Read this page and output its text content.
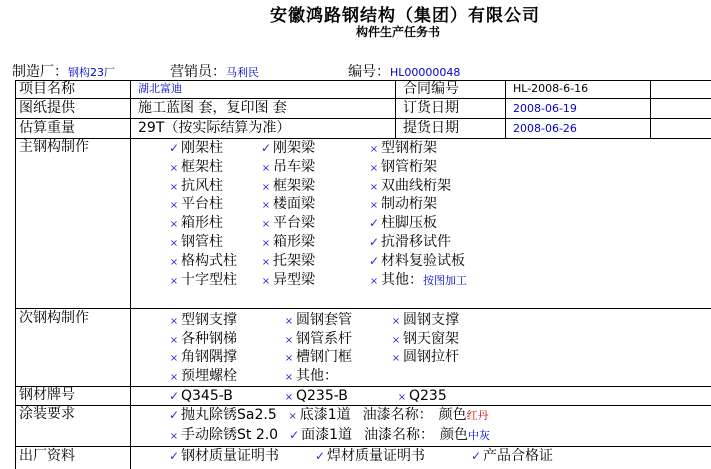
安徽鸿路钢结构（集团）有限公司
构件生产任务书
制造厂：钢构23厂	营销员：马利民	编号：HL00000048
项目名称	湖北富迪	合同编号	HL-2008-6-16
图纸提供	施工蓝图 套，复印图 套	订货日期	2008-06-19
估算重量	29T（按实际结算为准）	提货日期	2008-06-26
主钢构制作	✓ 刚架柱	✓ 刚架梁	× 型钢桁架
× 框架柱	× 吊车梁	× 钢管桁架
× 抗风柱	× 框架梁	× 双曲线桁架
× 平台柱	× 楼面梁	× 制动桁架
× 箱形柱	× 平台梁	✓ 柱脚压板
× 钢管柱	× 箱形梁	✓ 抗滑移试件
× 格构式柱 × 托架梁	✓ 材料复验试板
× 十字型柱 × 异型梁	× 其他：按图加工
次钢构制作	× 型钢支撑	× 圆钢套管	× 圆钢支撑
× 各种钢梯	× 钢管系杆	× 钢天窗架
× 角钢隅撑	× 槽钢门框	× 圆钢拉杆
× 预埋螺栓	× 其他：
钢材牌号	✓ Q345-B	× Q235-B	× Q235
涂装要求	✓ 抛丸除锈Sa2.5 × 底漆1道 油漆名称： 颜色红丹
× 手动除锈St 2.0 ✓ 面漆1道 油漆名称： 颜色中灰
出厂资料	✓ 钢材质量证明书	✓ 焊材质量证明书	✓ 产品合格证
